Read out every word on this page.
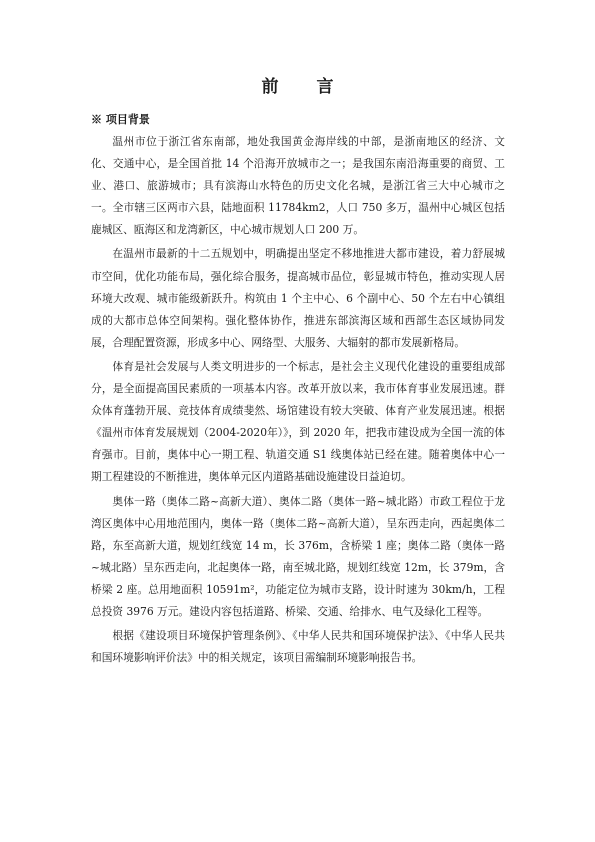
前 言
※ 项目背景

温州市位于浙江省东南部，地处我国黄金海岸线的中部，是浙南地区的经济、文化、交通中心，是全国首批 14 个沿海开放城市之一；是我国东南沿海重要的商贸、工业、港口、旅游城市；具有滨海山水特色的历史文化名城，是浙江省三大中心城市之一。全市辖三区两市六县，陆地面积 11784km2，人口 750 多万，温州中心城区包括鹿城区、瓯海区和龙湾新区，中心城市规划人口 200 万。

在温州市最新的十二五规划中，明确提出坚定不移地推进大都市建设，着力舒展城市空间，优化功能布局，强化综合服务，提高城市品位，彰显城市特色，推动实现人居环境大改观、城市能级新跃升。构筑由 1 个主中心、6 个副中心、50 个左右中心镇组成的大都市总体空间架构。强化整体协作，推进东部滨海区域和西部生态区域协同发展，合理配置资源，形成多中心、网络型、大服务、大辐射的都市发展新格局。

体育是社会发展与人类文明进步的一个标志，是社会主义现代化建设的重要组成部分，是全面提高国民素质的一项基本内容。改革开放以来，我市体育事业发展迅速。群众体育蓬勃开展、竞技体育成绩斐然、场馆建设有较大突破、体育产业发展迅速。根据《温州市体育发展规划（2004-2020年）》，到 2020 年，把我市建设成为全国一流的体育强市。目前，奥体中心一期工程、轨道交通 S1 线奥体站已经在建。随着奥体中心一期工程建设的不断推进，奥体单元区内道路基础设施建设日益迫切。

奥体一路（奥体二路~高新大道）、奥体二路（奥体一路~城北路）市政工程位于龙湾区奥体中心用地范围内，奥体一路（奥体二路~高新大道），呈东西走向，西起奥体二路，东至高新大道，规划红线宽 14 m，长 376m，含桥梁 1 座；奥体二路（奥体一路~城北路）呈东西走向，北起奥体一路，南至城北路，规划红线宽 12m，长 379m，含桥梁 2 座。总用地面积 10591m²，功能定位为城市支路，设计时速为 30km/h，工程总投资 3976 万元。建设内容包括道路、桥梁、交通、给排水、电气及绿化工程等。

根据《建设项目环境保护管理条例》、《中华人民共和国环境保护法》、《中华人民共和国环境影响评价法》中的相关规定，该项目需编制环境影响报告书。
